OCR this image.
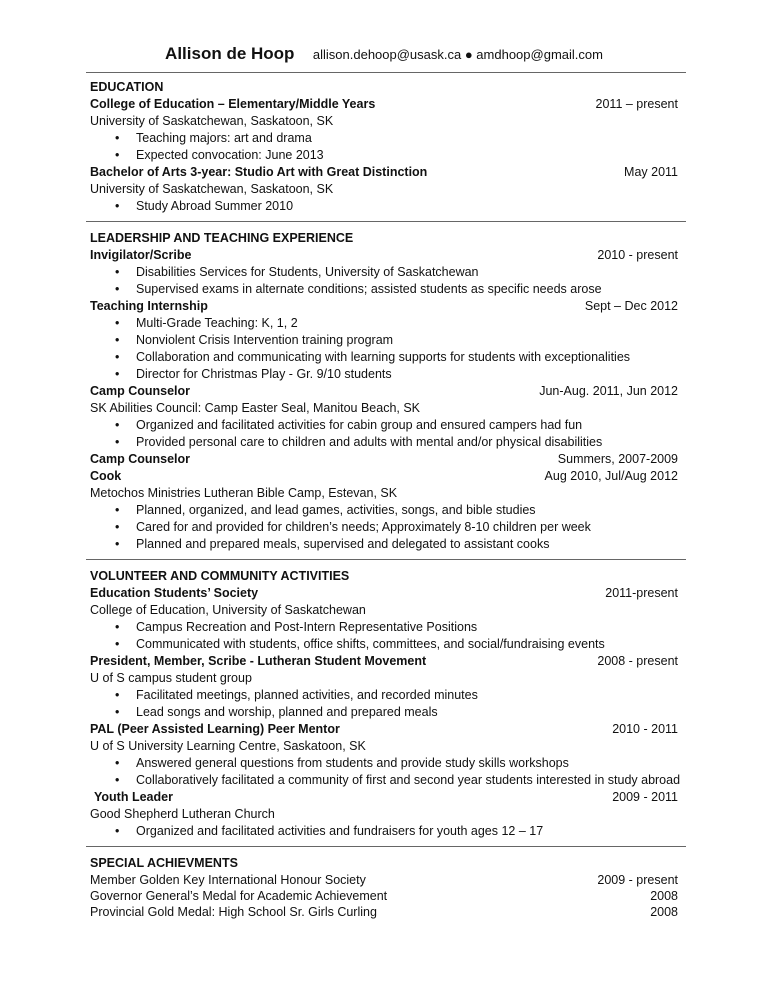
Allison de Hoop allison.dehoop@usask.ca ● amdhoop@gmail.com
EDUCATION
College of Education – Elementary/Middle Years	2011 – present
University of Saskatchewan, Saskatoon, SK
• Teaching majors: art and drama
• Expected convocation: June 2013
Bachelor of Arts 3-year: Studio Art with Great Distinction	May 2011
University of Saskatchewan, Saskatoon, SK
• Study Abroad Summer 2010
LEADERSHIP AND TEACHING EXPERIENCE
Invigilator/Scribe	2010 - present
• Disabilities Services for Students, University of Saskatchewan
• Supervised exams in alternate conditions; assisted students as specific needs arose
Teaching Internship	Sept – Dec 2012
• Multi-Grade Teaching: K, 1, 2
• Nonviolent Crisis Intervention training program
• Collaboration and communicating with learning supports for students with exceptionalities
• Director for Christmas Play - Gr. 9/10 students
Camp Counselor	Jun-Aug. 2011, Jun 2012
SK Abilities Council: Camp Easter Seal, Manitou Beach, SK
• Organized and facilitated activities for cabin group and ensured campers had fun
• Provided personal care to children and adults with mental and/or physical disabilities
Camp Counselor	Summers, 2007-2009
Cook	Aug 2010, Jul/Aug 2012
Metochos Ministries Lutheran Bible Camp, Estevan, SK
• Planned, organized, and lead games, activities, songs, and bible studies
• Cared for and provided for children’s needs; Approximately 8-10 children per week
• Planned and prepared meals, supervised and delegated to assistant cooks
VOLUNTEER AND COMMUNITY ACTIVITIES
Education Students’ Society	2011-present
College of Education, University of Saskatchewan
• Campus Recreation and Post-Intern Representative Positions
• Communicated with students, office shifts, committees, and social/fundraising events
President, Member, Scribe - Lutheran Student Movement	2008 - present
U of S campus student group
• Facilitated meetings, planned activities, and recorded minutes
• Lead songs and worship, planned and prepared meals
PAL (Peer Assisted Learning) Peer Mentor	2010 - 2011
U of S University Learning Centre, Saskatoon, SK
• Answered general questions from students and provide study skills workshops
• Collaboratively facilitated a community of first and second year students interested in study abroad
Youth Leader	2009 - 2011
Good Shepherd Lutheran Church
• Organized and facilitated activities and fundraisers for youth ages 12 – 17
SPECIAL ACHIEVMENTS
Member Golden Key International Honour Society	2009 - present
Governor General’s Medal for Academic Achievement	2008
Provincial Gold Medal: High School Sr. Girls Curling	2008
